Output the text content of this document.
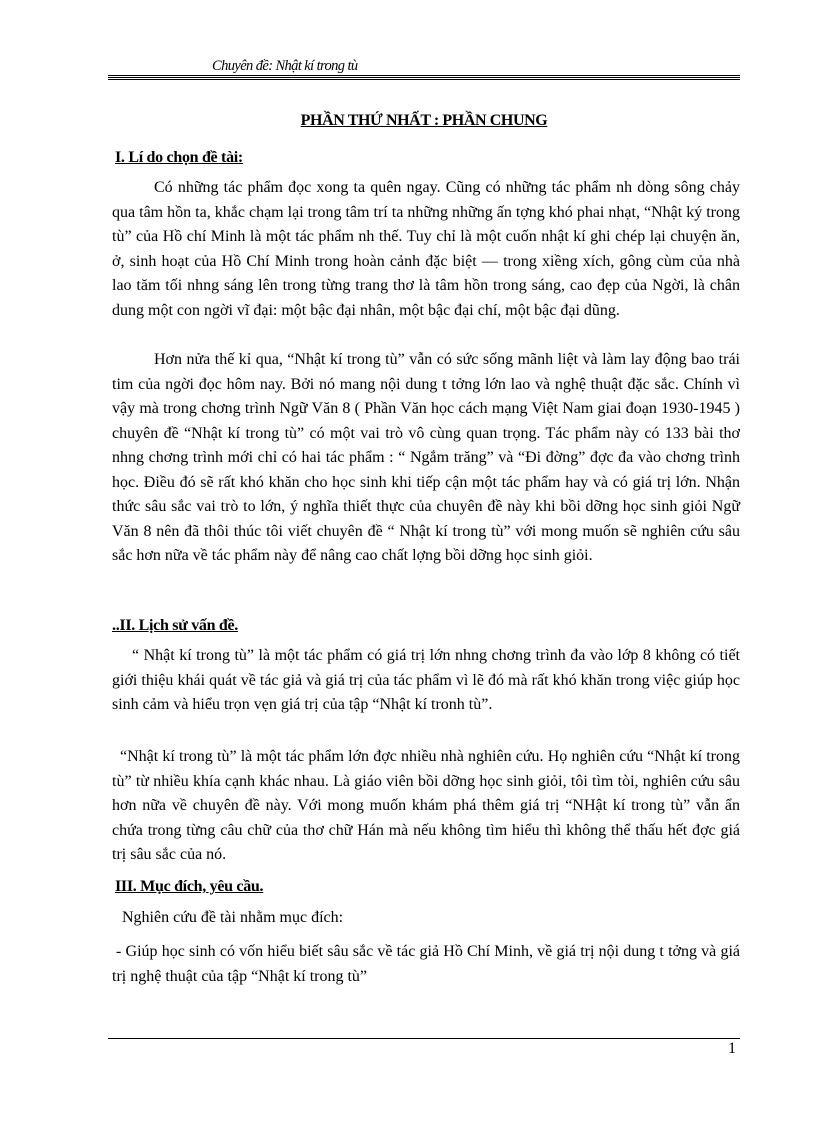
Chuyên đề: Nhật kí trong tù
PHẦN THỨ NHẤT : PHẦN CHUNG
I. Lí do chọn đề tài:

Có những tác phẩm đọc xong ta quên ngay. Cũng có những tác phẩm nh dòng sông chảy qua tâm hồn ta, khắc chạm lại trong tâm trí ta những những ấn tợng khó phai nhạt, “Nhật ký trong tù” của Hồ chí Minh là một tác phẩm nh thế. Tuy chỉ là một cuốn nhật kí ghi chép lại chuyện ăn, ở, sinh hoạt của Hồ Chí Minh trong hoàn cảnh đặc biệt — trong xiềng xích, gông cùm của nhà lao tăm tối nhng sáng lên trong từng trang thơ là tâm hồn trong sáng, cao đẹp của Ngời, là chân dung một con ngời vĩ đại: một bậc đại nhân, một bậc đại chí, một bậc đại dũng.

Hơn nửa thế kỉ qua, “Nhật kí trong tù” vẫn có sức sống mãnh liệt và làm lay động bao trái tim của ngời đọc hôm nay. Bởi nó mang nội dung t tởng lớn lao và nghệ thuật đặc sắc. Chính vì vậy mà trong chơng trình Ngữ Văn 8 ( Phần Văn học cách mạng Việt Nam giai đoạn 1930-1945 ) chuyên đề “Nhật kí trong tù” có một vai trò vô cùng quan trọng. Tác phẩm này có 133 bài thơ nhng chơng trình mới chỉ có hai tác phẩm : “ Ngắm trăng” và “Đi đờng” đợc đa vào chơng trình học. Điều đó sẽ rất khó khăn cho học sinh khi tiếp cận một tác phẩm hay và có giá trị lớn. Nhận thức sâu sắc vai trò to lớn, ý nghĩa thiết thực của chuyên đề này khi bồi dỡng học sinh giỏi Ngữ Văn 8 nên đã thôi thúc tôi viết chuyên đề “ Nhật kí trong tù” với mong muốn sẽ nghiên cứu sâu sắc hơn nữa về tác phẩm này để nâng cao chất lợng bồi dỡng học sinh giỏi.

..II. Lịch sử vấn đề.

“ Nhật kí trong tù” là một tác phẩm có giá trị lớn nhng chơng trình đa vào lớp 8 không có tiết giới thiệu khái quát về tác giả và giá trị của tác phẩm vì lẽ đó mà rất khó khăn trong việc giúp học sinh cảm và hiểu trọn vẹn giá trị của tập “Nhật kí tronh tù”.

“Nhật kí trong tù” là một tác phẩm lớn đợc nhiều nhà nghiên cứu. Họ nghiên cứu “Nhật kí trong tù” từ nhiều khía cạnh khác nhau. Là giáo viên bồi dỡng học sinh giỏi, tôi tìm tòi, nghiên cứu sâu hơn nữa về chuyên đề này. Với mong muốn khám phá thêm giá trị “NHật kí trong tù” vẫn ẩn chứa trong từng câu chữ của thơ chữ Hán mà nếu không tìm hiểu thì không thể thấu hết đợc giá trị sâu sắc của nó.

III. Mục đích, yêu cầu.

Nghiên cứu đề tài nhằm mục đích:

- Giúp học sinh có vốn hiểu biết sâu sắc về tác giả Hồ Chí Minh, về giá trị nội dung t tởng và giá trị nghệ thuật của tập “Nhật kí trong tù”

1
